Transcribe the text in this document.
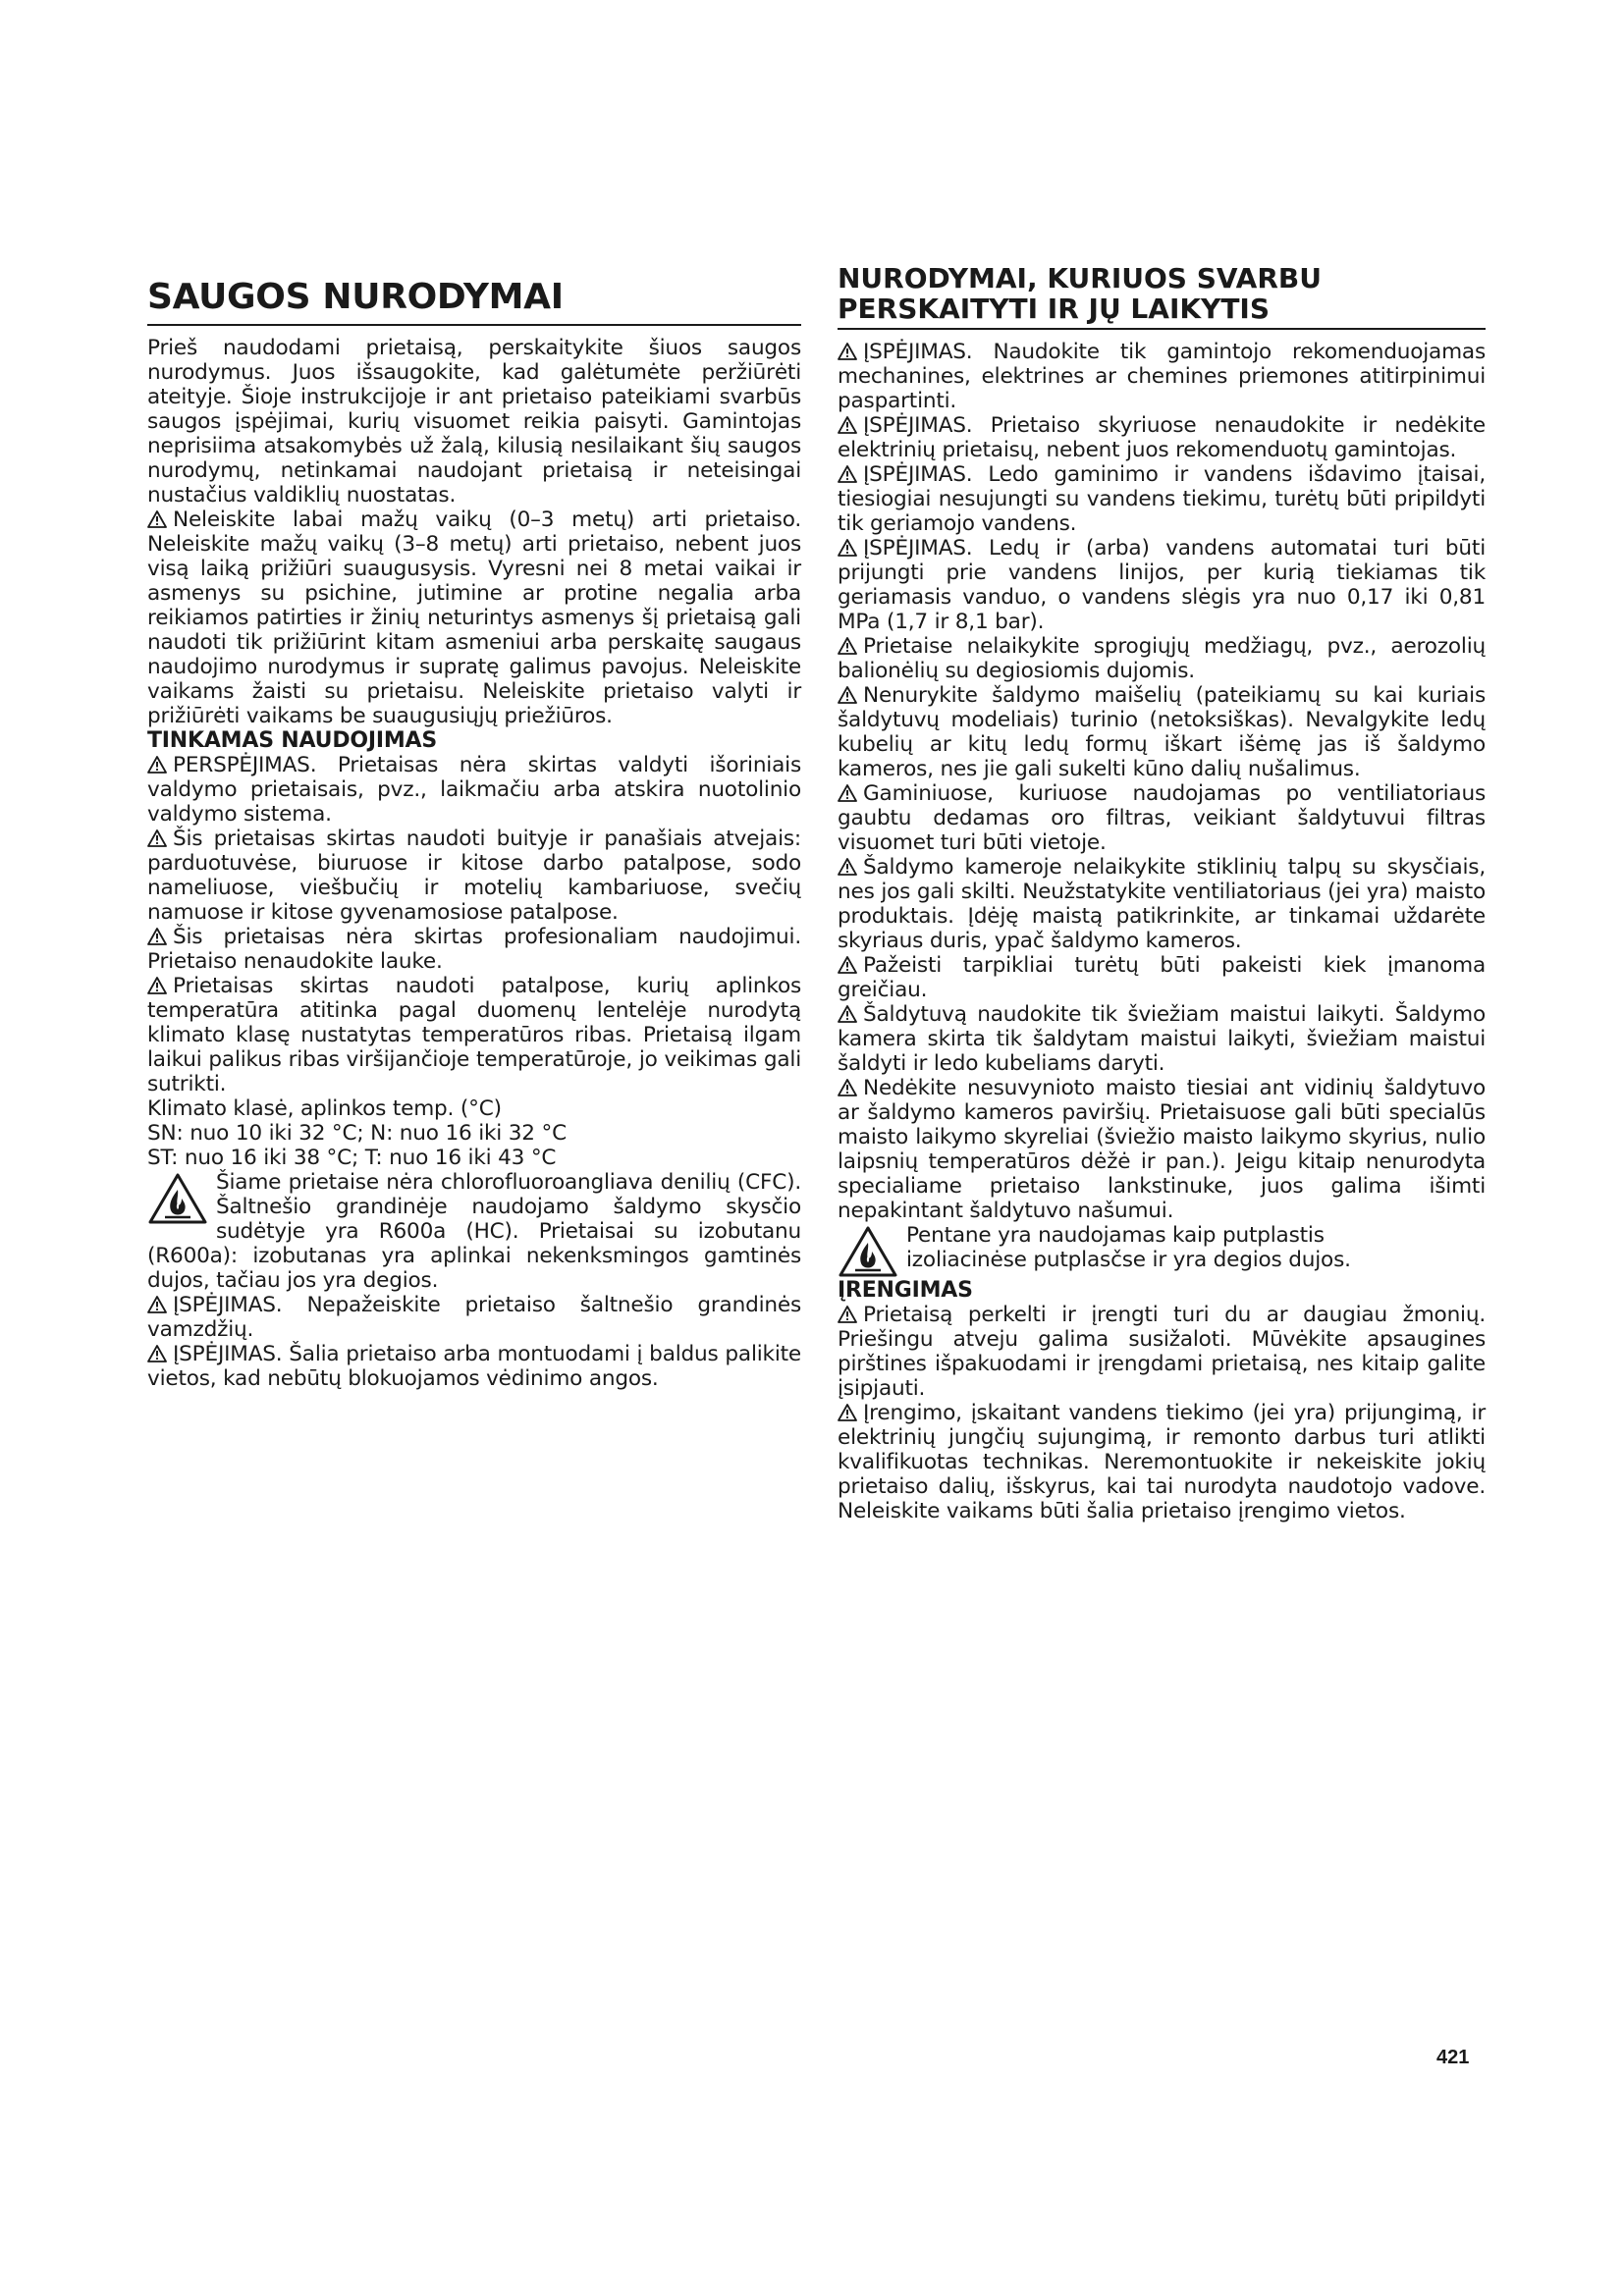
SAUGOS NURODYMAI

Prieš naudodami prietaisą, perskaitykite šiuos saugos nurodymus. Juos išsaugokite, kad galėtumėte peržiūrėti ateityje. Šioje instrukcijoje ir ant prietaiso pateikiami svarbūs saugos įspėjimai, kurių visuomet reikia paisyti. Gamintojas neprisiima atsakomybės už žalą, kilusią nesilaikant šių saugos nurodymų, netinkamai naudojant prietaisą ir neteisingai nustačius valdiklių nuostatas.

Neleiskite labai mažų vaikų (0–3 metų) arti prietaiso. Neleiskite mažų vaikų (3–8 metų) arti prietaiso, nebent juos visą laiką prižiūri suaugusysis. Vyresni nei 8 metai vaikai ir asmenys su psichine, jutimine ar protine negalia arba reikiamos patirties ir žinių neturintys asmenys šį prietaisą gali naudoti tik prižiūrint kitam asmeniui arba perskaitę saugaus naudojimo nurodymus ir supratę galimus pavojus. Neleiskite vaikams žaisti su prietaisu. Neleiskite prietaiso valyti ir prižiūrėti vaikams be suaugusiųjų priežiūros.

TINKAMAS NAUDOJIMAS

PERSPĖJIMAS. Prietaisas nėra skirtas valdyti išoriniais valdymo prietaisais, pvz., laikmačiu arba atskira nuotolinio valdymo sistema.

Šis prietaisas skirtas naudoti buityje ir panašiais atvejais: parduotuvėse, biuruose ir kitose darbo patalpose, sodo nameliuose, viešbučių ir motelių kambariuose, svečių namuose ir kitose gyvenamosiose patalpose.

Šis prietaisas nėra skirtas profesionaliam naudojimui. Prietaiso nenaudokite lauke.

Prietaisas skirtas naudoti patalpose, kurių aplinkos temperatūra atitinka pagal duomenų lentelėje nurodytą klimato klasę nustatytas temperatūros ribas. Prietaisą ilgam laikui palikus ribas viršijančioje temperatūroje, jo veikimas gali sutrikti.

Klimato klasė, aplinkos temp. (°C)
SN: nuo 10 iki 32 °C; N: nuo 16 iki 32 °C
ST: nuo 16 iki 38 °C; T: nuo 16 iki 43 °C

Šiame prietaise nėra chlorofluoroangliava denilių (CFC). Šaltnešio grandinėje naudojamo šaldymo skysčio sudėtyje yra R600a (HC). Prietaisai su izobutanu (R600a): izobutanas yra aplinkai nekenksmingos gamtinės dujos, tačiau jos yra degios.

ĮSPĖJIMAS. Nepažeiskite prietaiso šaltnešio grandinės vamzdžių.

ĮSPĖJIMAS. Šalia prietaiso arba montuodami į baldus palikite vietos, kad nebūtų blokuojamos vėdinimo angos.

NURODYMAI, KURIUOS SVARBU
PERSKAITYTI IR JŲ LAIKYTIS

ĮSPĖJIMAS. Naudokite tik gamintojo rekomenduojamas mechanines, elektrines ar chemines priemones atitirpinimui paspartinti.

ĮSPĖJIMAS. Prietaiso skyriuose nenaudokite ir nedėkite elektrinių prietaisų, nebent juos rekomenduotų gamintojas.

ĮSPĖJIMAS. Ledo gaminimo ir vandens išdavimo įtaisai, tiesiogiai nesujungti su vandens tiekimu, turėtų būti pripildyti tik geriamojo vandens.

ĮSPĖJIMAS. Ledų ir (arba) vandens automatai turi būti prijungti prie vandens linijos, per kurią tiekiamas tik geriamasis vanduo, o vandens slėgis yra nuo 0,17 iki 0,81 MPa (1,7 ir 8,1 bar).

Prietaise nelaikykite sprogiųjų medžiagų, pvz., aerozolių balionėlių su degiosiomis dujomis.

Nenurykite šaldymo maišelių (pateikiamų su kai kuriais šaldytuvų modeliais) turinio (netoksiškas). Nevalgykite ledų kubelių ar kitų ledų formų iškart išėmę jas iš šaldymo kameros, nes jie gali sukelti kūno dalių nušalimus.

Gaminiuose, kuriuose naudojamas po ventiliatoriaus gaubtu dedamas oro filtras, veikiant šaldytuvui filtras visuomet turi būti vietoje.

Šaldymo kameroje nelaikykite stiklinių talpų su skysčiais, nes jos gali skilti. Neužstatykite ventiliatoriaus (jei yra) maisto produktais. Įdėję maistą patikrinkite, ar tinkamai uždarėte skyriaus duris, ypač šaldymo kameros.

Pažeisti tarpikliai turėtų būti pakeisti kiek įmanoma greičiau.

Šaldytuvą naudokite tik šviežiam maistui laikyti. Šaldymo kamera skirta tik šaldytam maistui laikyti, šviežiam maistui šaldyti ir ledo kubeliams daryti.

Nedėkite nesuvynioto maisto tiesiai ant vidinių šaldytuvo ar šaldymo kameros paviršių. Prietaisuose gali būti specialūs maisto laikymo skyreliai (šviežio maisto laikymo skyrius, nulio laipsnių temperatūros dėžė ir pan.). Jeigu kitaip nenurodyta specialiame prietaiso lankstinuke, juos galima išimti nepakintant šaldytuvo našumui.

Pentane yra naudojamas kaip putplastis
izoliacinėse putplasčse ir yra degios dujos.

ĮRENGIMAS

Prietaisą perkelti ir įrengti turi du ar daugiau žmonių. Priešingu atveju galima susižaloti. Mūvėkite apsaugines pirštines išpakuodami ir įrengdami prietaisą, nes kitaip galite įsipjauti.

Įrengimo, įskaitant vandens tiekimo (jei yra) prijungimą, ir elektrinių jungčių sujungimą, ir remonto darbus turi atlikti kvalifikuotas technikas. Neremontuokite ir nekeiskite jokių prietaiso dalių, išskyrus, kai tai nurodyta naudotojo vadove. Neleiskite vaikams būti šalia prietaiso įrengimo vietos.

421
